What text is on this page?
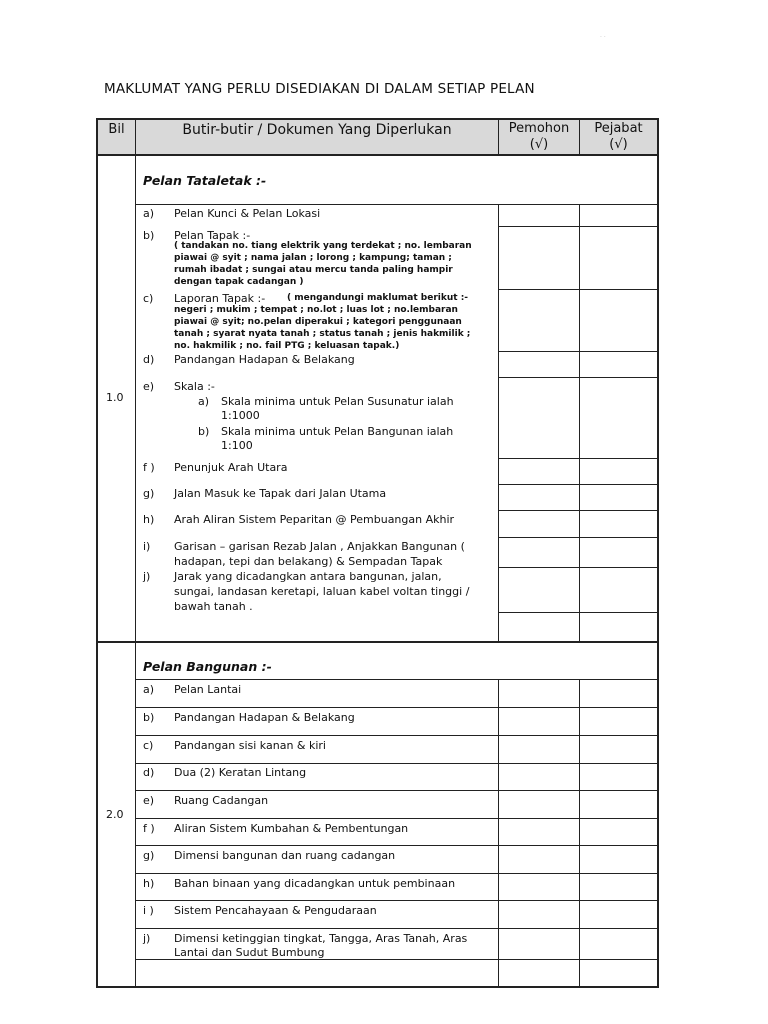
· ·
MAKLUMAT YANG PERLU DISEDIAKAN DI DALAM SETIAP PELAN
Bil	Butir-butir / Dokumen Yang Diperlukan	Pemohon
(√)
Pejabat
(√)
1.0
Pelan Tataletak :-
a) Pelan Kunci & Pelan Lokasi
b) Pelan Tapak :-
( tandakan no. tiang elektrik yang terdekat ; no. lembaran
piawai @ syit ; nama jalan ; lorong ; kampung; taman ;
rumah ibadat ; sungai atau mercu tanda paling hampir
dengan tapak cadangan )
c) Laporan Tapak :- ( mengandungi maklumat berikut :-
negeri ; mukim ; tempat ; no.lot ; luas lot ; no.lembaran
piawai @ syit; no.pelan diperakui ; kategori penggunaan
tanah ; syarat nyata tanah ; status tanah ; jenis hakmilik ;
no. hakmilik ; no. fail PTG ; keluasan tapak.)
d) Pandangan Hadapan & Belakang
e) Skala :-
a) Skala minima untuk Pelan Susunatur ialah
1:1000
b) Skala minima untuk Pelan Bangunan ialah
1:100
f ) Penunjuk Arah Utara
g) Jalan Masuk ke Tapak dari Jalan Utama
h) Arah Aliran Sistem Peparitan @ Pembuangan Akhir
i) Garisan – garisan Rezab Jalan , Anjakkan Bangunan (
hadapan, tepi dan belakang) & Sempadan Tapak
j) Jarak yang dicadangkan antara bangunan, jalan,
sungai, landasan keretapi, laluan kabel voltan tinggi /
bawah tanah .
2.0
Pelan Bangunan :-
a) Pelan Lantai
b) Pandangan Hadapan & Belakang
c) Pandangan sisi kanan & kiri
d) Dua (2) Keratan Lintang
e) Ruang Cadangan
f ) Aliran Sistem Kumbahan & Pembentungan
g) Dimensi bangunan dan ruang cadangan
h) Bahan binaan yang dicadangkan untuk pembinaan
i ) Sistem Pencahayaan & Pengudaraan
j) Dimensi ketinggian tingkat, Tangga, Aras Tanah, Aras
Lantai dan Sudut Bumbung
